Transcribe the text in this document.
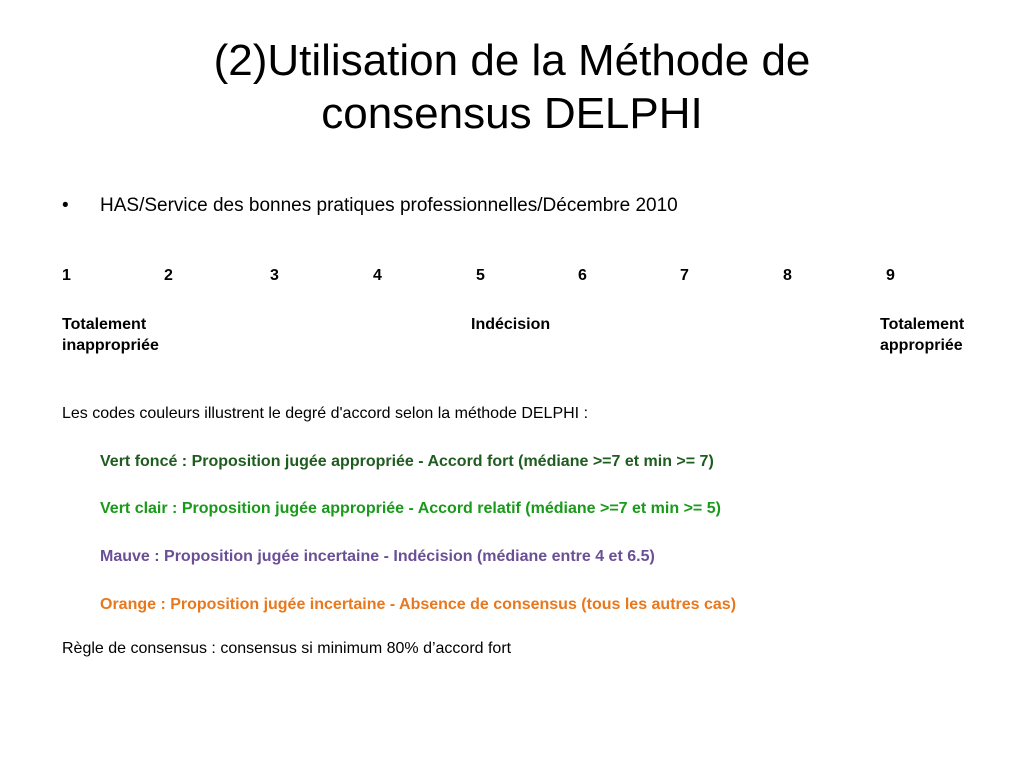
(2)Utilisation de la Méthode de
consensus DELPHI
• HAS/Service des bonnes pratiques professionnelles/Décembre 2010
1	2	3	4	5	6	7	8	9
Totalement
inappropriée
Indécision	Totalement
appropriée
Les codes couleurs illustrent le degré d'accord selon la méthode DELPHI :
Vert foncé : Proposition jugée appropriée - Accord fort (médiane >=7 et min >= 7)
Vert clair : Proposition jugée appropriée - Accord relatif (médiane >=7 et min >= 5)
Mauve : Proposition jugée incertaine - Indécision (médiane entre 4 et 6.5)
Orange : Proposition jugée incertaine - Absence de consensus (tous les autres cas)
Règle de consensus : consensus si minimum 80% d’accord fort
